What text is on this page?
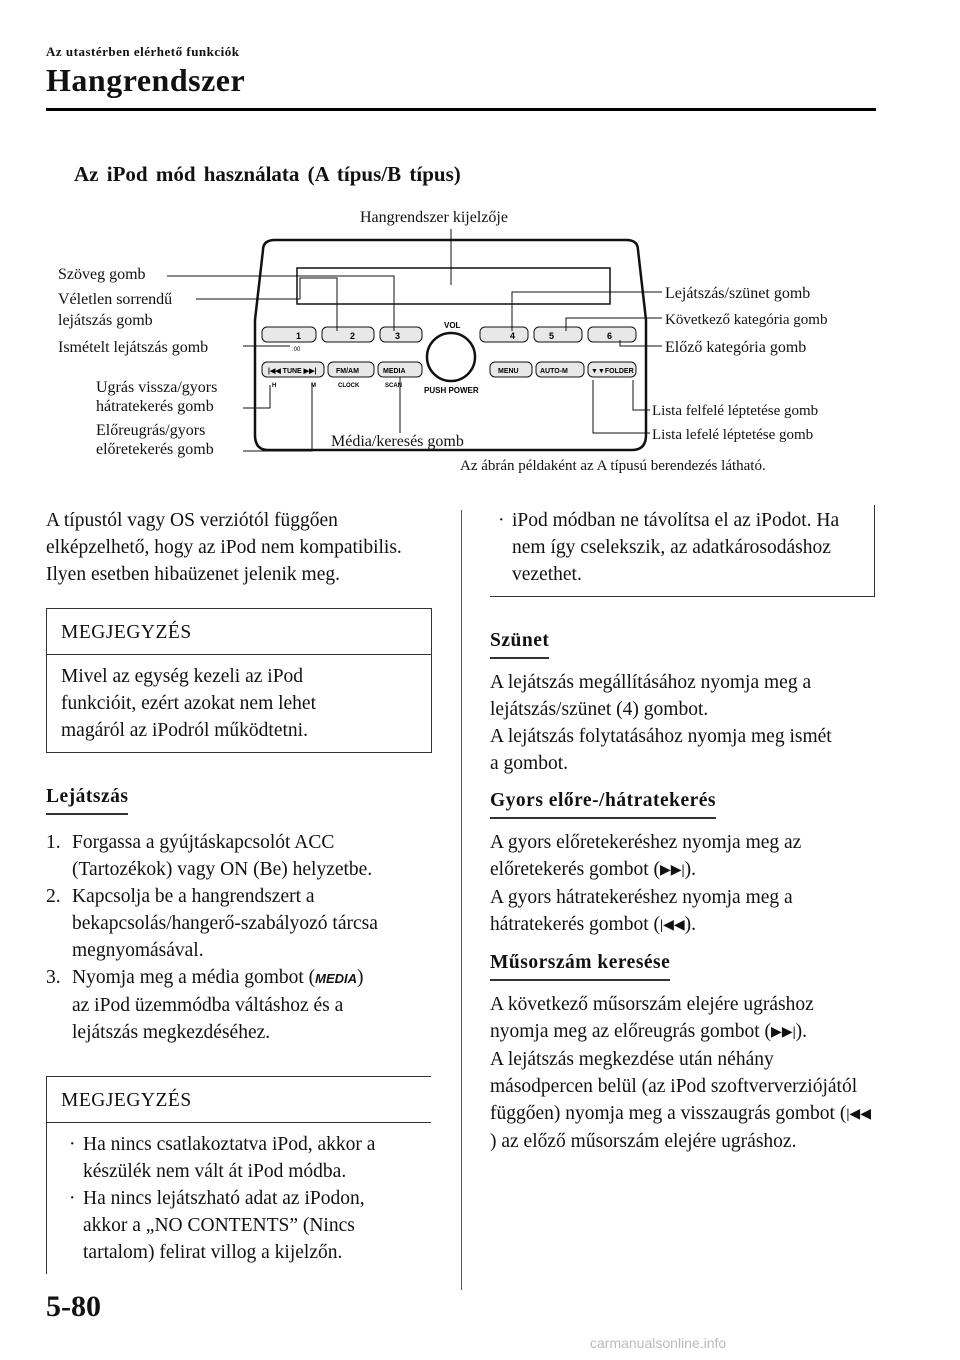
Az utastérben elérhető funkciók
Hangrendszer
Az iPod mód használata (A típus/B típus)
1	2	3
:00
4	5	6
|◀◀ TUNE ▶▶|	FM/AM	MEDIA
H	M	CLOCK	SCAN
MENU	AUTO-M	▼▼FOLDER
VOL
PUSH POWER
Hangrendszer kijelzője
Szöveg gomb
Véletlen sorrendű
lejátszás gomb
Ismételt lejátszás gomb
Ugrás vissza/gyors
hátratekerés gomb
Előreugrás/gyors
előretekerés gomb	Média/keresés gomb
Lejátszás/szünet gomb
Következő kategória gomb
Előző kategória gomb
Lista felfelé léptetése gomb
Lista lefelé léptetése gomb
Az ábrán példaként az A típusú berendezés látható.
A típustól vagy OS verziótól függően elképzelhető, hogy az iPod nem kompatibilis. Ilyen esetben hibaüzenet jelenik meg.
MEGJEGYZÉS
Mivel az egység kezeli az iPod funkcióit, ezért azokat nem lehet magáról az iPodról működtetni.
Lejátszás
1. Forgassa a gyújtáskapcsolót ACC
(Tartozékok) vagy ON (Be) helyzetbe.
2. Kapcsolja be a hangrendszert a
bekapcsolás/hangerő-szabályozó tárcsa
megnyomásával.
3. Nyomja meg a média gombot (MEDIA)
az iPod üzemmódba váltáshoz és a
lejátszás megkezdéséhez.
MEGJEGYZÉS
· Ha nincs csatlakoztatva iPod, akkor a készülék nem vált át iPod módba.
· Ha nincs lejátszható adat az iPodon, akkor a „NO CONTENTS” (Nincs tartalom) felirat villog a kijelzőn.
· iPod módban ne távolítsa el az iPodot. Ha nem így cselekszik, az adatkárosodáshoz vezethet.
Szünet
A lejátszás megállításához nyomja meg a lejátszás/szünet (4) gombot.
A lejátszás folytatásához nyomja meg ismét a gombot.
Gyors előre-/hátratekerés
A gyors előretekeréshez nyomja meg az előretekerés gombot (▶▶|).
A gyors hátratekeréshez nyomja meg a hátratekerés gombot (|◀◀).
Műsorszám keresése
A következő műsorszám elejére ugráshoz nyomja meg az előreugrás gombot (▶▶|).
A lejátszás megkezdése után néhány másodpercen belül (az iPod szoftververziójától függően) nyomja meg a visszaugrás gombot (|◀◀) az előző műsorszám elejére ugráshoz.
5-80
carmanualsonline.info
